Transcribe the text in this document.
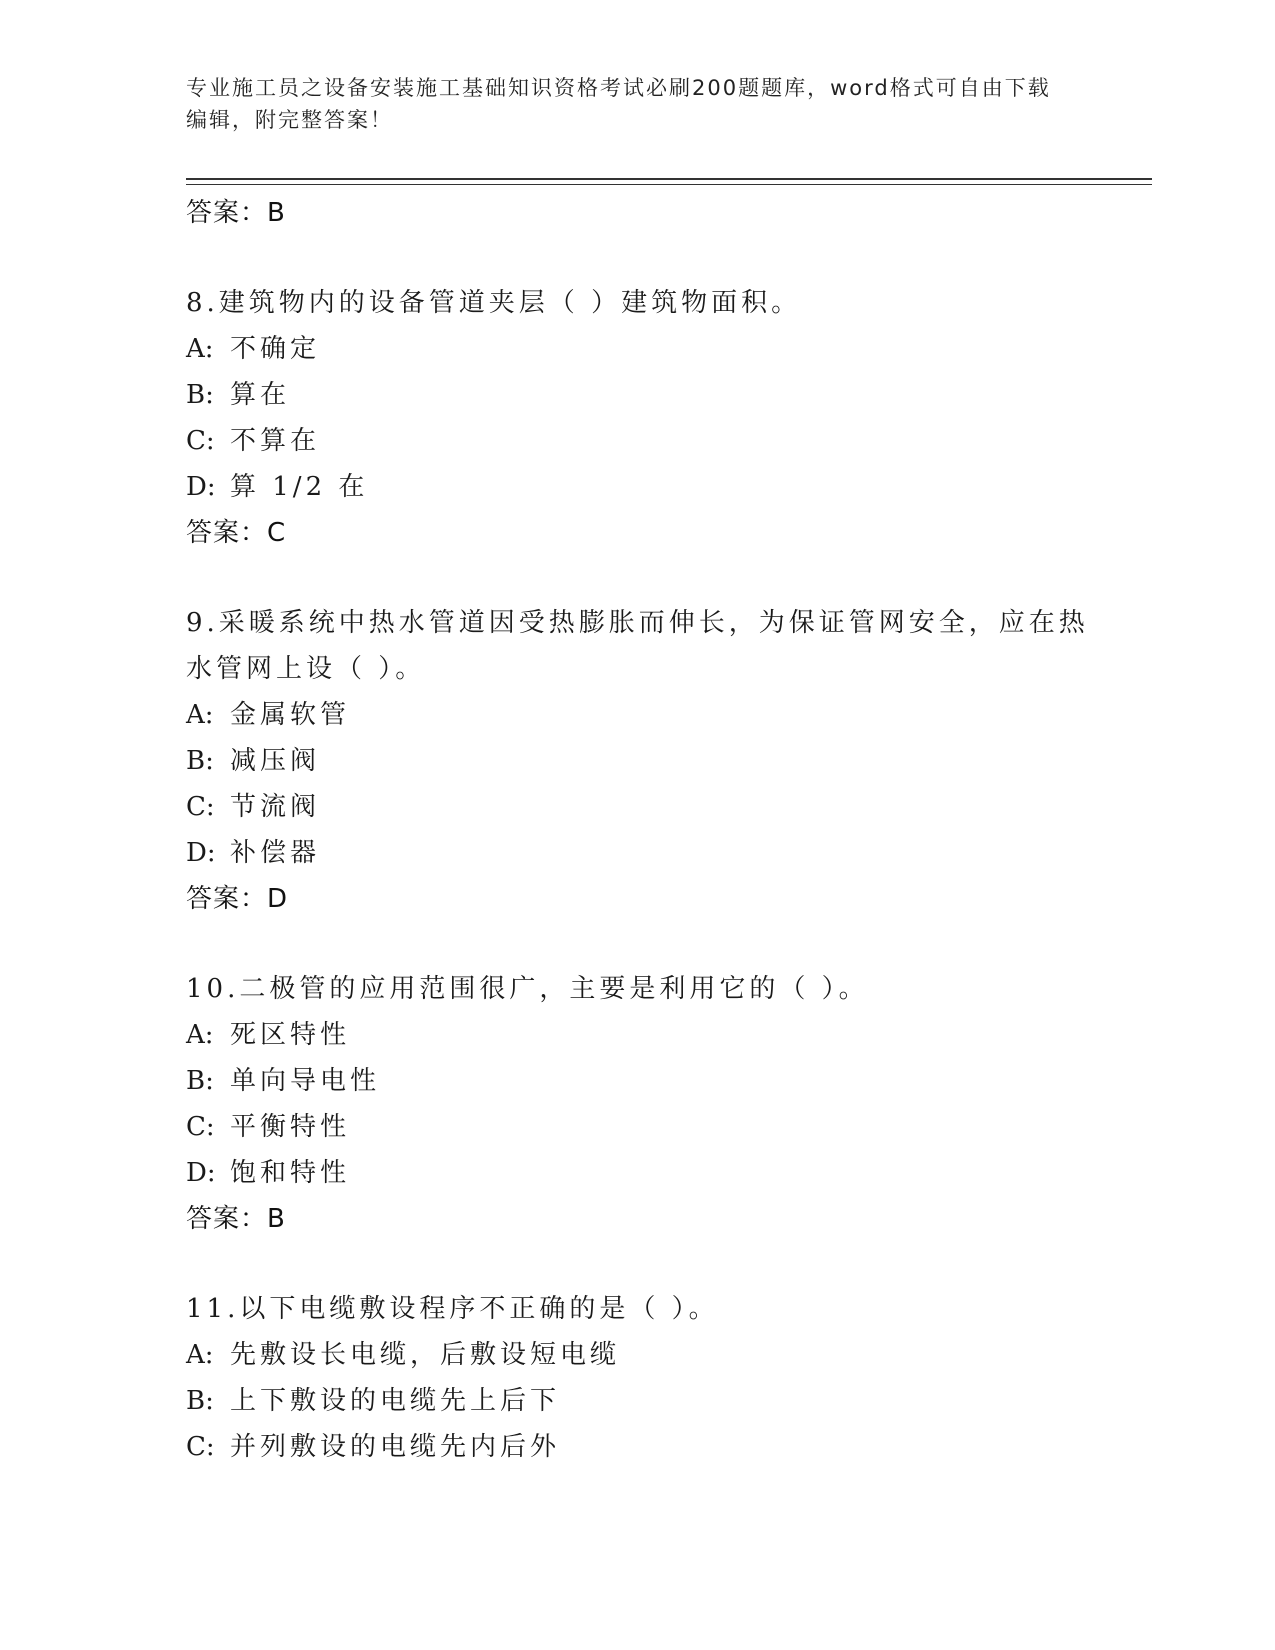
专业施工员之设备安装施工基础知识资格考试必刷200题题库，word格式可自由下载编辑，附完整答案！
答案：B
8.建筑物内的设备管道夹层（ ）建筑物面积。
A: 不确定
B: 算在
C: 不算在
D: 算 1/2 在
答案：C
9.采暖系统中热水管道因受热膨胀而伸长，为保证管网安全，应在热
水管网上设（ ）。
A: 金属软管
B: 减压阀
C: 节流阀
D: 补偿器
答案：D
10.二极管的应用范围很广，主要是利用它的（ ）。
A: 死区特性
B: 单向导电性
C: 平衡特性
D: 饱和特性
答案：B
11.以下电缆敷设程序不正确的是（ ）。
A: 先敷设长电缆，后敷设短电缆
B: 上下敷设的电缆先上后下
C: 并列敷设的电缆先内后外
